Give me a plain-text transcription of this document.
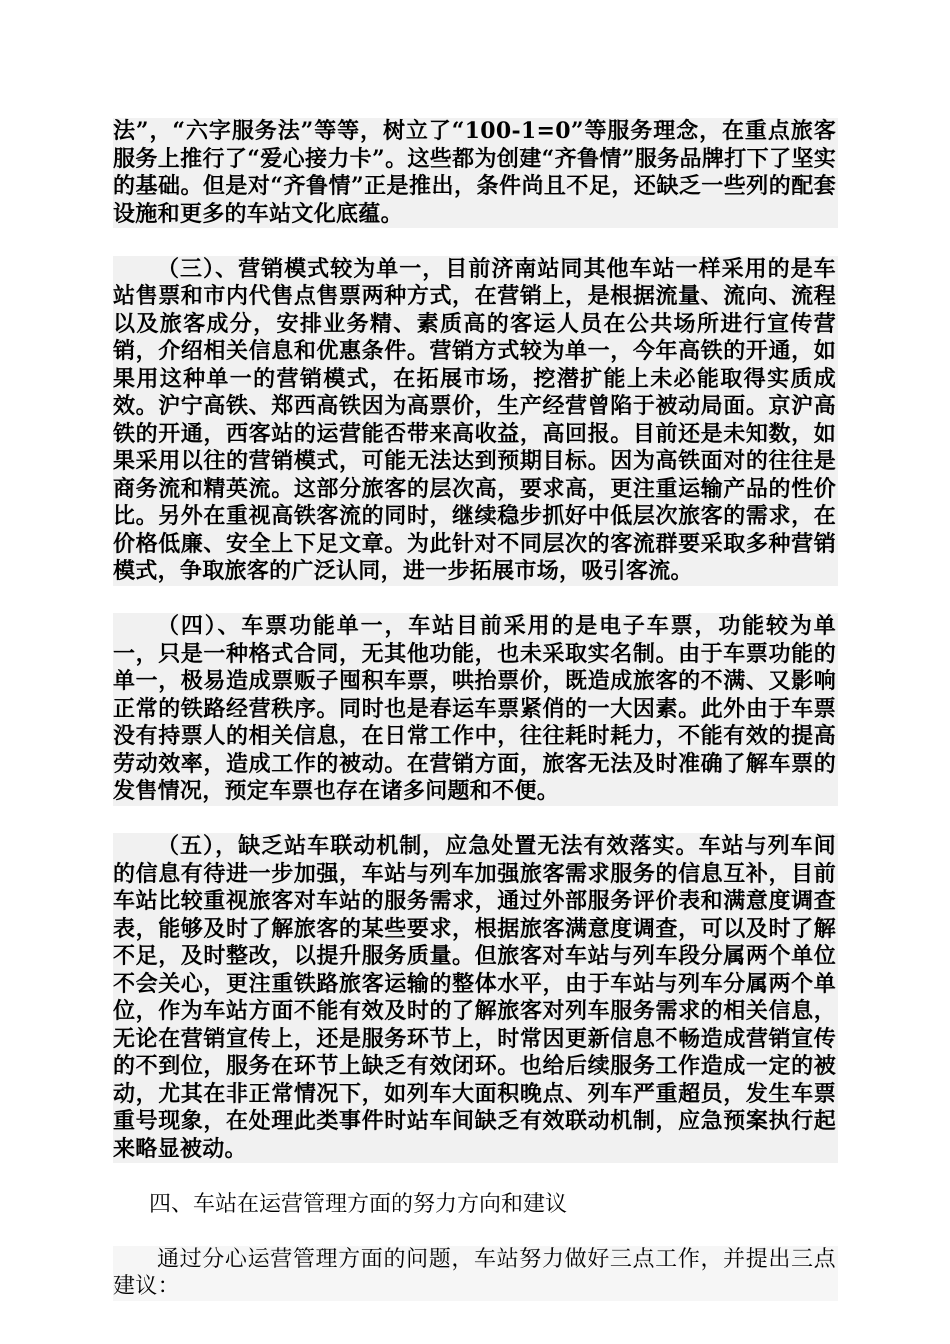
法”，“六字服务法”等等，树立了“100-1=0”等服务理念，在重点旅客服务上推行了“爱心接力卡”。这些都为创建“齐鲁情”服务品牌打下了坚实的基础。但是对“齐鲁情”正是推出，条件尚且不足，还缺乏一些列的配套设施和更多的车站文化底蕴。

（三）、营销模式较为单一，目前济南站同其他车站一样采用的是车站售票和市内代售点售票两种方式，在营销上，是根据流量、流向、流程以及旅客成分，安排业务精、素质高的客运人员在公共场所进行宣传营销，介绍相关信息和优惠条件。营销方式较为单一，今年高铁的开通，如果用这种单一的营销模式，在拓展市场，挖潜扩能上未必能取得实质成效。沪宁高铁、郑西高铁因为高票价，生产经营曾陷于被动局面。京沪高铁的开通，西客站的运营能否带来高收益，高回报。目前还是未知数，如果采用以往的营销模式，可能无法达到预期目标。因为高铁面对的往往是商务流和精英流。这部分旅客的层次高，要求高，更注重运输产品的性价比。另外在重视高铁客流的同时，继续稳步抓好中低层次旅客的需求，在价格低廉、安全上下足文章。为此针对不同层次的客流群要采取多种营销模式，争取旅客的广泛认同，进一步拓展市场，吸引客流。

（四）、车票功能单一，车站目前采用的是电子车票，功能较为单一，只是一种格式合同，无其他功能，也未采取实名制。由于车票功能的单一，极易造成票贩子囤积车票，哄抬票价，既造成旅客的不满、又影响正常的铁路经营秩序。同时也是春运车票紧俏的一大因素。此外由于车票没有持票人的相关信息，在日常工作中，往往耗时耗力，不能有效的提高劳动效率，造成工作的被动。在营销方面，旅客无法及时准确了解车票的发售情况，预定车票也存在诸多问题和不便。

（五），缺乏站车联动机制，应急处置无法有效落实。车站与列车间的信息有待进一步加强，车站与列车加强旅客需求服务的信息互补，目前车站比较重视旅客对车站的服务需求，通过外部服务评价表和满意度调查表，能够及时了解旅客的某些要求，根据旅客满意度调查，可以及时了解不足，及时整改，以提升服务质量。但旅客对车站与列车段分属两个单位不会关心，更注重铁路旅客运输的整体水平，由于车站与列车分属两个单位，作为车站方面不能有效及时的了解旅客对列车服务需求的相关信息，无论在营销宣传上，还是服务环节上，时常因更新信息不畅造成营销宣传的不到位，服务在环节上缺乏有效闭环。也给后续服务工作造成一定的被动，尤其在非正常情况下，如列车大面积晚点、列车严重超员，发生车票重号现象，在处理此类事件时站车间缺乏有效联动机制，应急预案执行起来略显被动。

四、车站在运营管理方面的努力方向和建议

通过分心运营管理方面的问题，车站努力做好三点工作，并提出三点建议：
